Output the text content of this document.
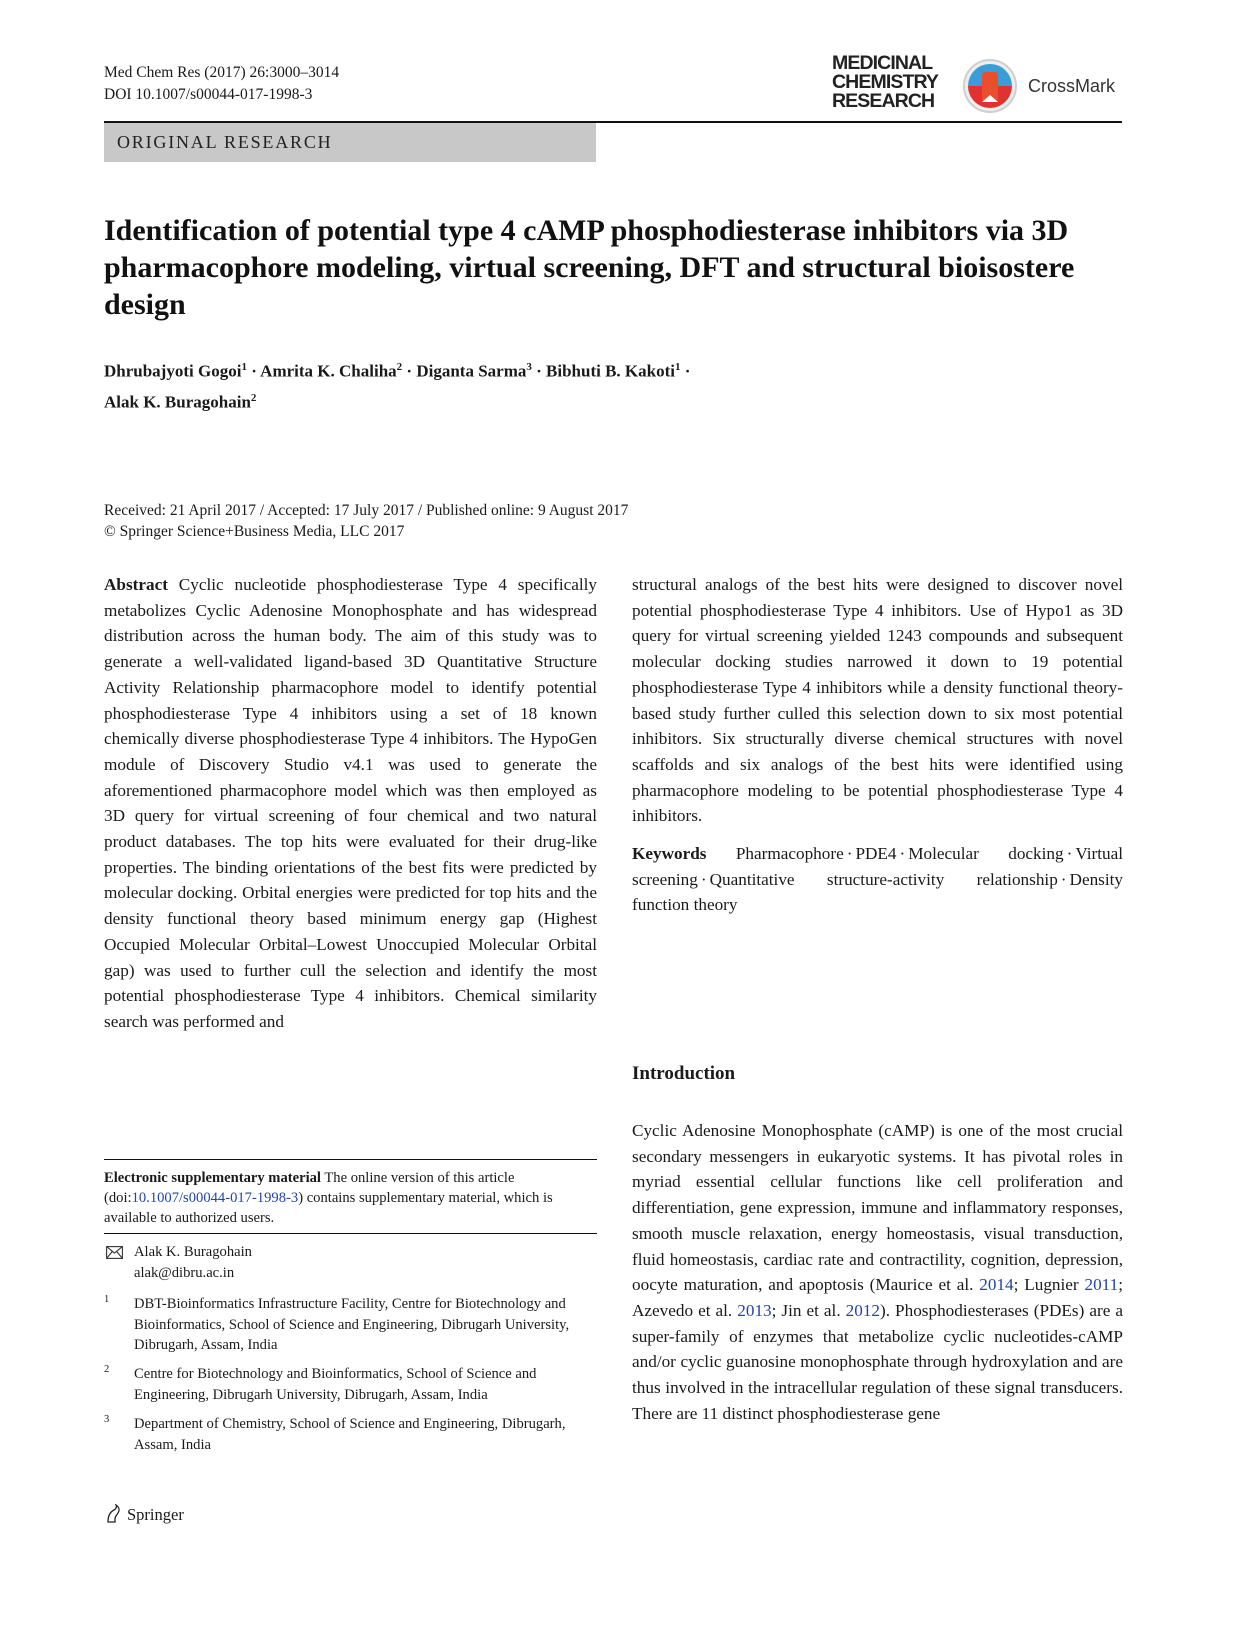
Med Chem Res (2017) 26:3000–3014
DOI 10.1007/s00044-017-1998-3
MEDICINAL
CHEMISTRY
RESEARCH
CrossMark
ORIGINAL RESEARCH
Identification of potential type 4 cAMP phosphodiesterase inhibitors via 3D pharmacophore modeling, virtual screening, DFT and structural bioisostere design
Dhrubajyoti Gogoi$^1$ · Amrita K. Chaliha$^2$ · Diganta Sarma$^3$ · Bibhuti B. Kakoti$^1$ ·
Alak K. Buragohain$^2$
Received: 21 April 2017 / Accepted: 17 July 2017 / Published online: 9 August 2017
© Springer Science+Business Media, LLC 2017

Abstract Cyclic nucleotide phosphodiesterase Type 4 specifically metabolizes Cyclic Adenosine Monophosphate and has widespread distribution across the human body. The aim of this study was to generate a well-validated ligand-based 3D Quantitative Structure Activity Relationship pharmacophore model to identify potential phosphodiesterase Type 4 inhibitors using a set of 18 known chemically diverse phosphodiesterase Type 4 inhibitors. The HypoGen module of Discovery Studio v4.1 was used to generate the aforementioned pharmacophore model which was then employed as 3D query for virtual screening of four chemical and two natural product databases. The top hits were evaluated for their drug-like properties. The binding orientations of the best fits were predicted by molecular docking. Orbital energies were predicted for top hits and the density functional theory based minimum energy gap (Highest Occupied Molecular Orbital–Lowest Unoccupied Molecular Orbital gap) was used to further cull the selection and identify the most potential phosphodiesterase Type 4 inhibitors. Chemical similarity search was performed and

structural analogs of the best hits were designed to discover novel potential phosphodiesterase Type 4 inhibitors. Use of Hypo1 as 3D query for virtual screening yielded 1243 compounds and subsequent molecular docking studies narrowed it down to 19 potential phosphodiesterase Type 4 inhibitors while a density functional theory-based study further culled this selection down to six most potential inhibitors. Six structurally diverse chemical structures with novel scaffolds and six analogs of the best hits were identified using pharmacophore modeling to be potential phosphodiesterase Type 4 inhibitors.

Keywords Pharmacophore · PDE4 · Molecular docking · Virtual screening · Quantitative structure-activity relationship · Density function theory

Introduction

Cyclic Adenosine Monophosphate (cAMP) is one of the most crucial secondary messengers in eukaryotic systems. It has pivotal roles in myriad essential cellular functions like cell proliferation and differentiation, gene expression, immune and inflammatory responses, smooth muscle relaxation, energy homeostasis, visual transduction, fluid homeostasis, cardiac rate and contractility, cognition, depression, oocyte maturation, and apoptosis (Maurice et al. 2014; Lugnier 2011; Azevedo et al. 2013; Jin et al. 2012). Phosphodiesterases (PDEs) are a super-family of enzymes that metabolize cyclic nucleotides-cAMP and/or cyclic guanosine monophosphate through hydroxylation and are thus involved in the intracellular regulation of these signal transducers. There are 11 distinct phosphodiesterase gene

Electronic supplementary material The online version of this article (doi:10.1007/s00044-017-1998-3) contains supplementary material, which is available to authorized users.
Alak K. Buragohain
alak@dibru.ac.in
1 DBT-Bioinformatics Infrastructure Facility, Centre for Biotechnology and Bioinformatics, School of Science and Engineering, Dibrugarh University, Dibrugarh, Assam, India
2 Centre for Biotechnology and Bioinformatics, School of Science and Engineering, Dibrugarh University, Dibrugarh, Assam, India
3 Department of Chemistry, School of Science and Engineering, Dibrugarh, Assam, India
Springer
